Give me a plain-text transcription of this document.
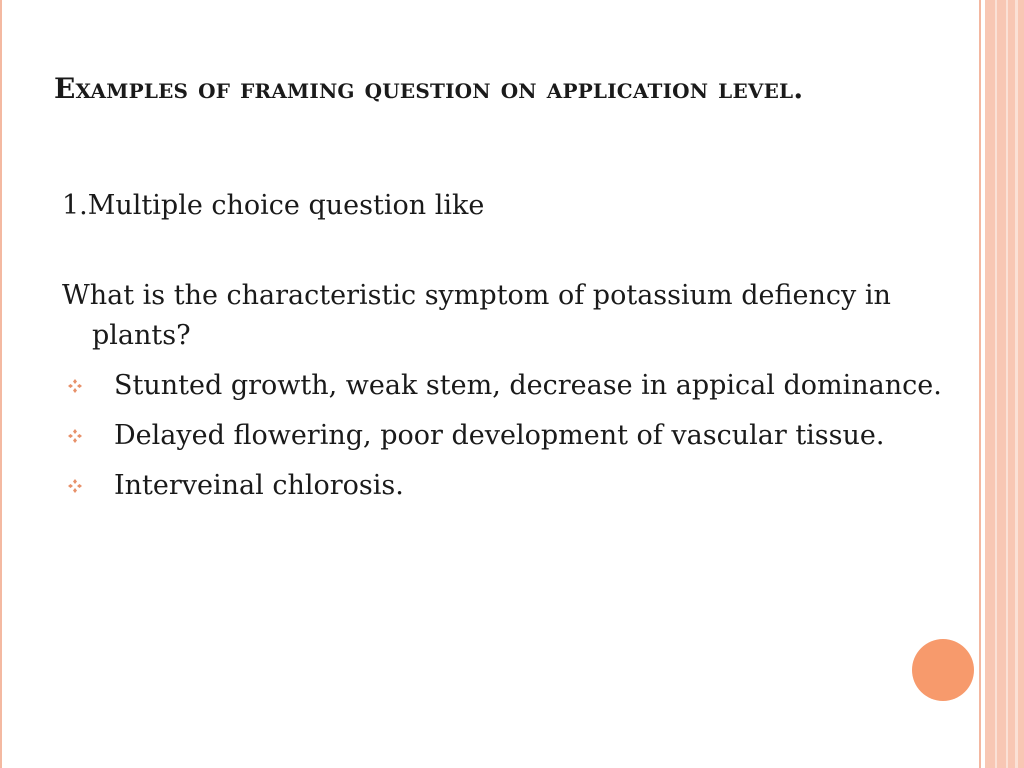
Examples of framing question on application level.

1.Multiple choice question like

What is the characteristic symptom of potassium defiency in plants?

Stunted growth, weak stem, decrease in appical dominance.
Delayed flowering, poor development of vascular tissue.
Interveinal chlorosis.
